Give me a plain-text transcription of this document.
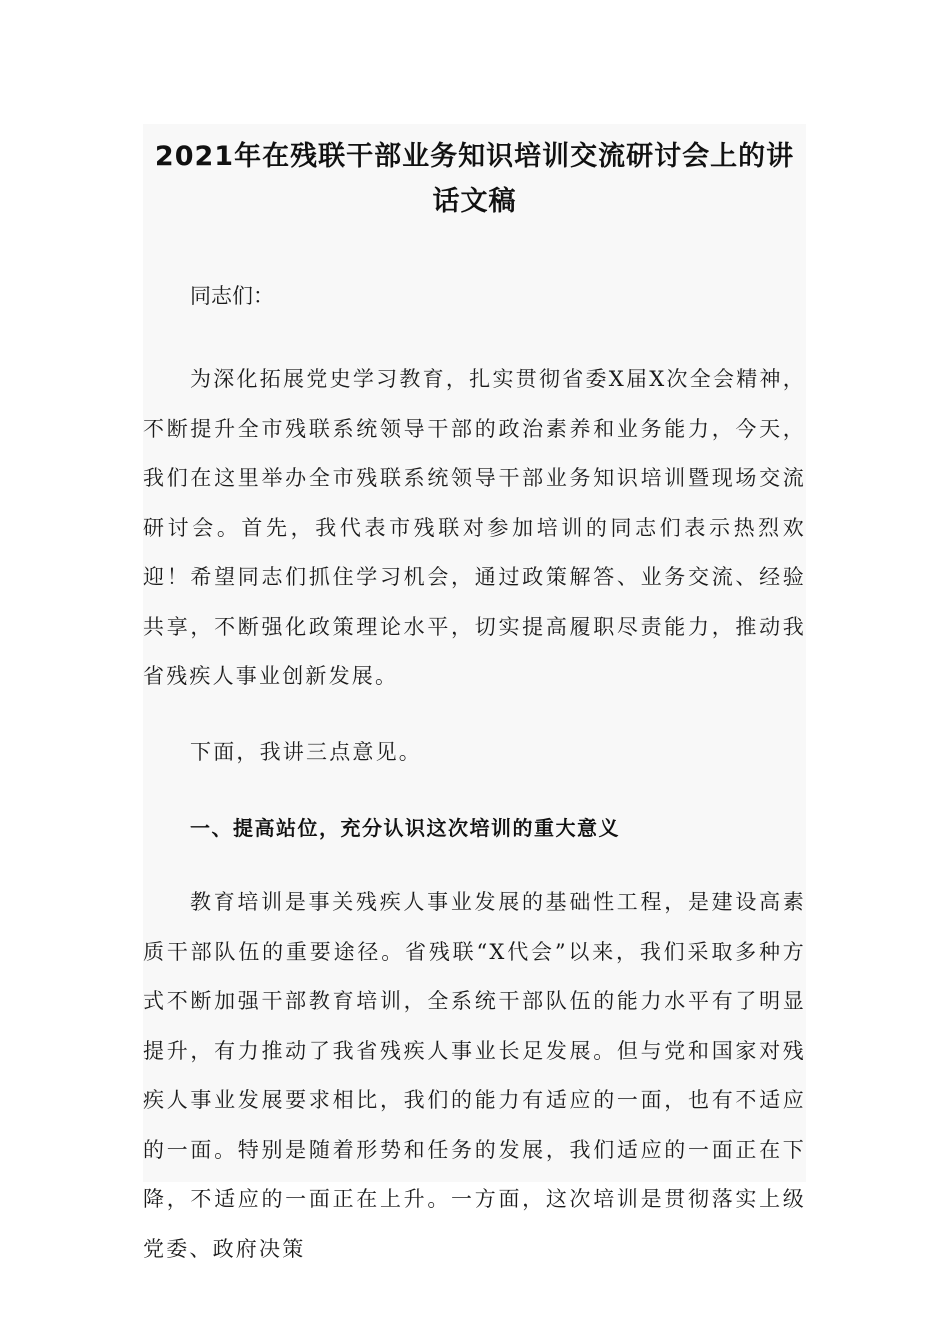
2021年在残联干部业务知识培训交流研讨会上的讲
话文稿

同志们：

为深化拓展党史学习教育，扎实贯彻省委X届X次全会精神，不断提升全市残联系统领导干部的政治素养和业务能力，今天，我们在这里举办全市残联系统领导干部业务知识培训暨现场交流研讨会。首先，我代表市残联对参加培训的同志们表示热烈欢迎！希望同志们抓住学习机会，通过政策解答、业务交流、经验共享，不断强化政策理论水平，切实提高履职尽责能力，推动我省残疾人事业创新发展。

下面，我讲三点意见。

一、提高站位，充分认识这次培训的重大意义

教育培训是事关残疾人事业发展的基础性工程，是建设高素质干部队伍的重要途径。省残联“X代会”以来，我们采取多种方式不断加强干部教育培训，全系统干部队伍的能力水平有了明显提升，有力推动了我省残疾人事业长足发展。但与党和国家对残疾人事业发展要求相比，我们的能力有适应的一面，也有不适应的一面。特别是随着形势和任务的发展，我们适应的一面正在下降，不适应的一面正在上升。一方面，这次培训是贯彻落实上级党委、政府决策
